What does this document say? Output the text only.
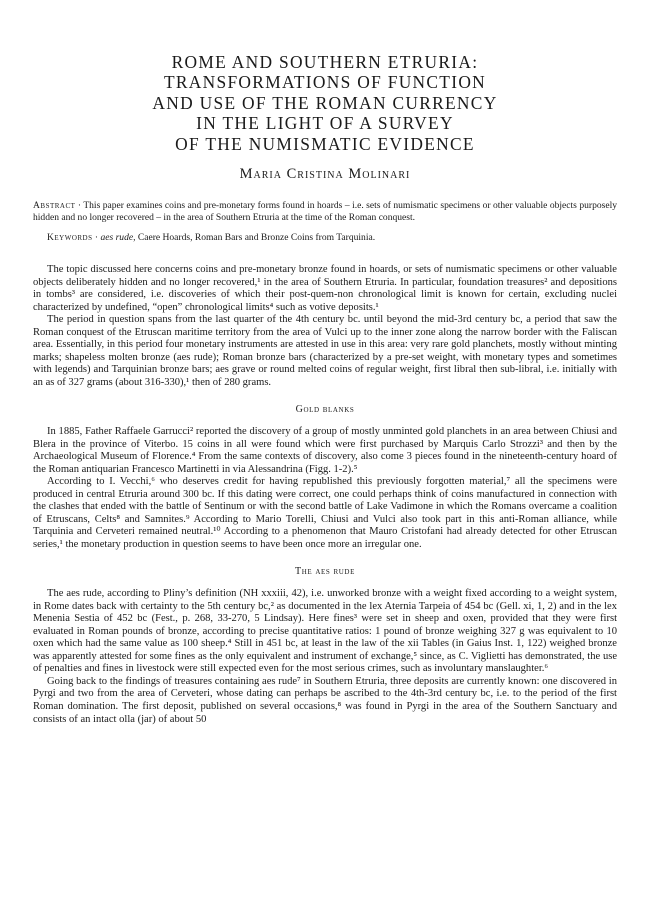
ROME AND SOUTHERN ETRURIA:

TRANSFORMATIONS OF FUNCTION

AND USE OF THE ROMAN CURRENCY

IN THE LIGHT OF A SURVEY

OF THE NUMISMATIC EVIDENCE

Maria Cristina Molinari
Abstract · This paper examines coins and pre-monetary forms found in hoards – i.e. sets of numismatic specimens or other valuable objects purposely hidden and no longer recovered – in the area of Southern Etruria at the time of the Roman conquest.
Keywords · aes rude, Caere Hoards, Roman Bars and Bronze Coins from Tarquinia.

The topic discussed here concerns coins and pre-monetary bronze found in hoards, or sets of numismatic specimens or other valuable objects deliberately hidden and no longer recovered,¹ in the area of Southern Etruria. In particular, foundation treasures² and depositions in tombs³ are considered, i.e. discoveries of which their post-quem-non chronological limit is known for certain, excluding nuclei characterized by undefined, “open” chronological limits⁴ such as votive deposits.¹

The period in question spans from the last quarter of the 4th century bc. until beyond the mid-3rd century bc, a period that saw the Roman conquest of the Etruscan maritime territory from the area of Vulci up to the inner zone along the narrow border with the Faliscan area. Essentially, in this period four monetary instruments are attested in use in this area: very rare gold planchets, mostly without minting marks; shapeless molten bronze (aes rude); Roman bronze bars (characterized by a pre-set weight, with monetary types and sometimes with legends) and Tarquinian bronze bars; aes grave or round melted coins of regular weight, first libral then sub-libral, i.e. initially with an as of 327 grams (about 316-330),¹ then of 280 grams.

Gold blanks

In 1885, Father Raffaele Garrucci² reported the discovery of a group of mostly unminted gold planchets in an area between Chiusi and Blera in the province of Viterbo. 15 coins in all were found which were first purchased by Marquis Carlo Strozzi³ and then by the Archaeological Museum of Florence.⁴ From the same contexts of discovery, also come 3 pieces found in the nineteenth-century hoard of the Roman antiquarian Francesco Martinetti in via Alessandrina (Figg. 1-2).⁵

According to I. Vecchi,⁶ who deserves credit for having republished this previously forgotten material,⁷ all the specimens were produced in central Etruria around 300 bc. If this dating were correct, one could perhaps think of coins manufactured in connection with the clashes that ended with the battle of Sentinum or with the second battle of Lake Vadimone in which the Romans overcame a coalition of Etruscans, Celts⁸ and Samnites.⁹ According to Mario Torelli, Chiusi and Vulci also took part in this anti-Roman alliance, while Tarquinia and Cerveteri remained neutral.¹⁰ According to a phenomenon that Mauro Cristofani had already detected for other Etruscan series,¹ the monetary production in question seems to have been once more an irregular one.

The aes rude

The aes rude, according to Pliny’s definition (NH xxxiii, 42), i.e. unworked bronze with a weight fixed according to a weight system, in Rome dates back with certainty to the 5th century bc,² as documented in the lex Aternia Tarpeia of 454 bc (Gell. xi, 1, 2) and in the lex Menenia Sestia of 452 bc (Fest., p. 268, 33-270, 5 Lindsay). Here fines³ were set in sheep and oxen, provided that they were first evaluated in Roman pounds of bronze, according to precise quantitative ratios: 1 pound of bronze weighing 327 g was equivalent to 10 oxen which had the same value as 100 sheep.⁴ Still in 451 bc, at least in the law of the xii Tables (in Gaius Inst. 1, 122) weighed bronze was apparently attested for some fines as the only equivalent and instrument of exchange,⁵ since, as C. Viglietti has demonstrated, the use of penalties and fines in livestock were still expected even for the most serious crimes, such as involuntary manslaughter.⁶

Going back to the findings of treasures containing aes rude⁷ in Southern Etruria, three deposits are currently known: one discovered in Pyrgi and two from the area of Cerveteri, whose dating can perhaps be ascribed to the 4th-3rd century bc, i.e. to the period of the first Roman domination. The first deposit, published on several occasions,⁸ was found in Pyrgi in the area of the Southern Sanctuary and consists of an intact olla (jar) of about 50
